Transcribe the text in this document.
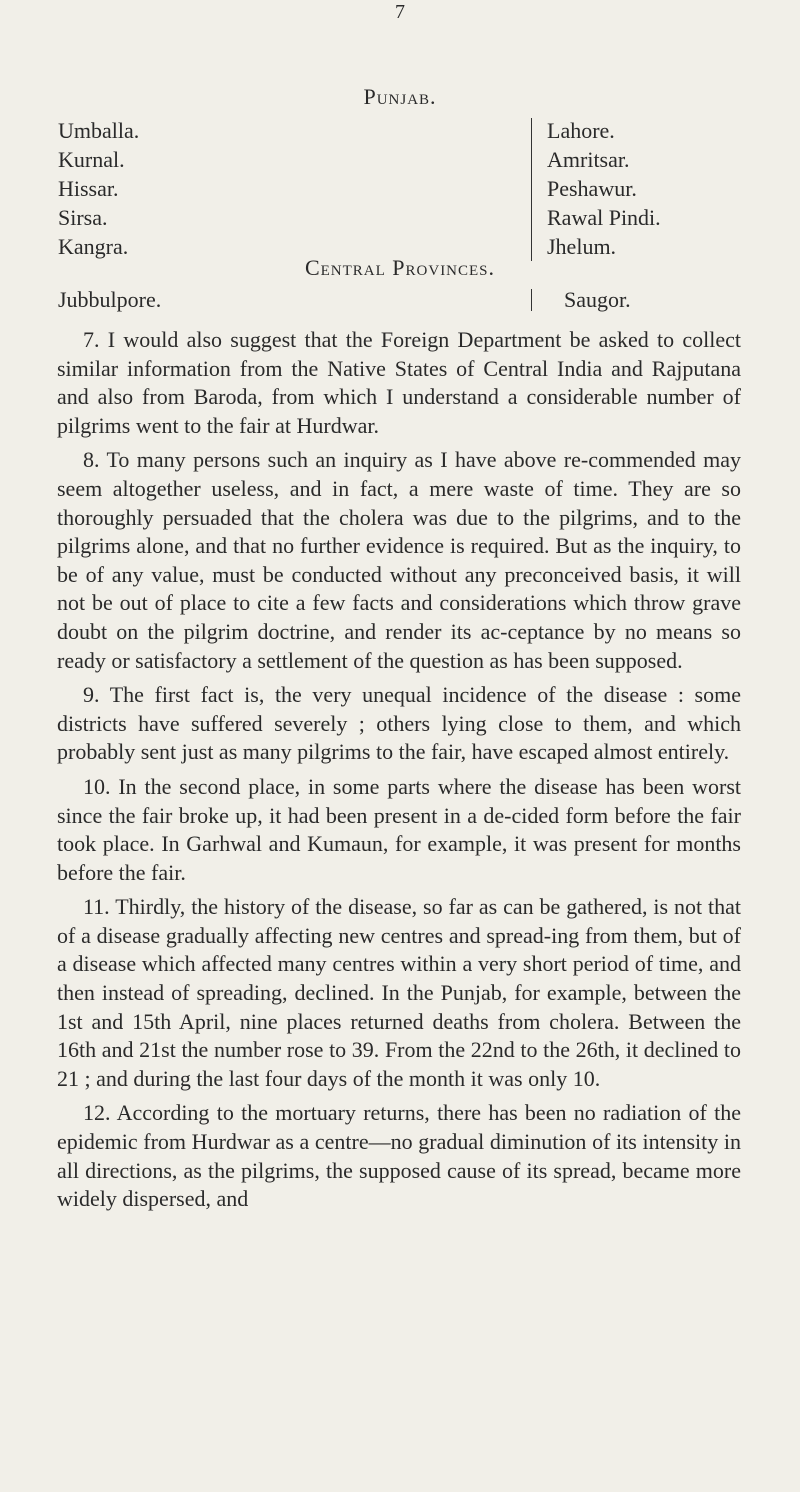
7
Punjab.
Umballa.
Kurnal.
Hissar.
Sirsa.
Kangra.
Lahore.
Amritsar.
Peshawur.
Rawal Pindi.
Jhelum.
Central Provinces.
Jubbulpore.	Saugor.

7. I would also suggest that the Foreign Department be asked to collect similar information from the Native States of Central India and Rajputana and also from Baroda, from which I understand a considerable number of pilgrims went to the fair at Hurdwar.

8. To many persons such an inquiry as I have above re-commended may seem altogether useless, and in fact, a mere waste of time. They are so thoroughly persuaded that the cholera was due to the pilgrims, and to the pilgrims alone, and that no further evidence is required. But as the inquiry, to be of any value, must be conducted without any preconceived basis, it will not be out of place to cite a few facts and considerations which throw grave doubt on the pilgrim doctrine, and render its ac-ceptance by no means so ready or satisfactory a settlement of the question as has been supposed.

9. The first fact is, the very unequal incidence of the disease : some districts have suffered severely ; others lying close to them, and which probably sent just as many pilgrims to the fair, have escaped almost entirely.

10. In the second place, in some parts where the disease has been worst since the fair broke up, it had been present in a de-cided form before the fair took place. In Garhwal and Kumaun, for example, it was present for months before the fair.

11. Thirdly, the history of the disease, so far as can be gathered, is not that of a disease gradually affecting new centres and spread-ing from them, but of a disease which affected many centres within a very short period of time, and then instead of spreading, declined. In the Punjab, for example, between the 1st and 15th April, nine places returned deaths from cholera. Between the 16th and 21st the number rose to 39. From the 22nd to the 26th, it declined to 21 ; and during the last four days of the month it was only 10.

12. According to the mortuary returns, there has been no radiation of the epidemic from Hurdwar as a centre—no gradual diminution of its intensity in all directions, as the pilgrims, the supposed cause of its spread, became more widely dispersed, and
